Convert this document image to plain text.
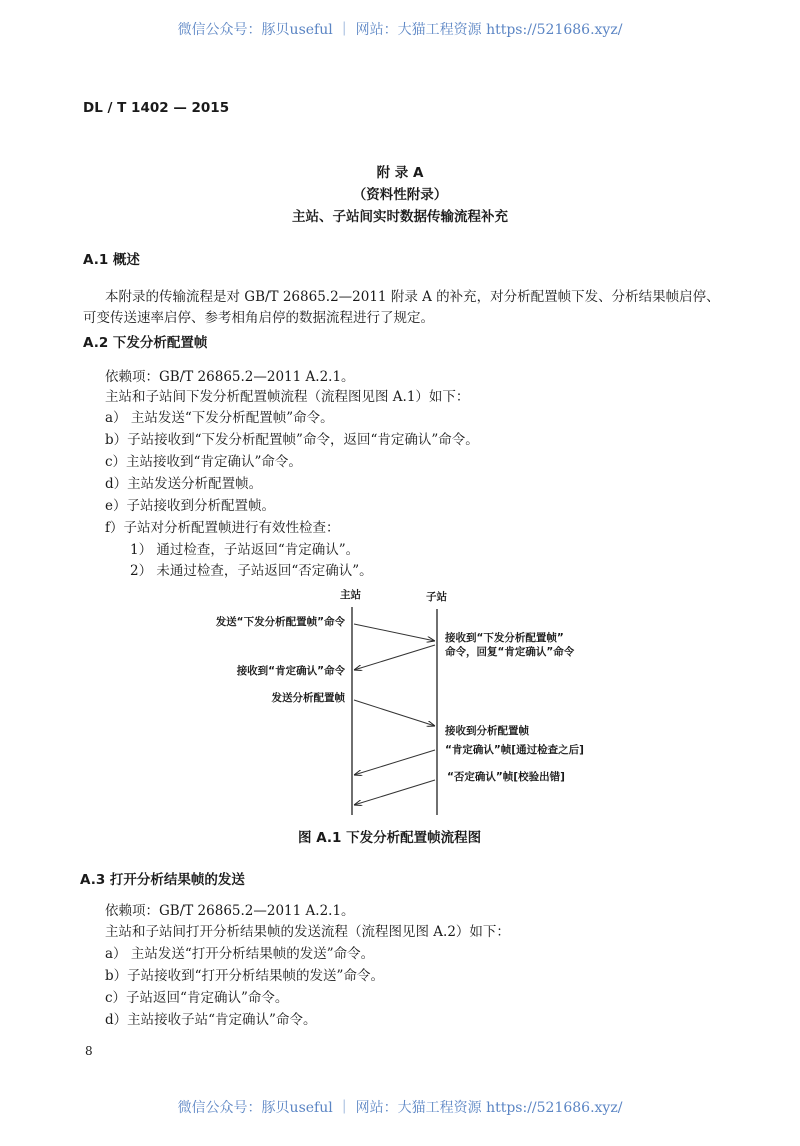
微信公众号：豚贝useful ｜ 网站：大猫工程资源 https://521686.xyz/
DL / T 1402 — 2015
附 录 A
（资料性附录）
主站、子站间实时数据传输流程补充
A.1 概述
本附录的传输流程是对 GB/T 26865.2—2011 附录 A 的补充，对分析配置帧下发、分析结果帧启停、
可变传送速率启停、参考相角启停的数据流程进行了规定。
A.2 下发分析配置帧
依赖项：GB/T 26865.2—2011 A.2.1。
主站和子站间下发分析配置帧流程（流程图见图 A.1）如下：
a） 主站发送“下发分析配置帧”命令。
b）子站接收到“下发分析配置帧”命令，返回“肯定确认”命令。
c）主站接收到“肯定确认”命令。
d）主站发送分析配置帧。
e）子站接收到分析配置帧。
f）子站对分析配置帧进行有效性检查：
1） 通过检查，子站返回“肯定确认”。
2） 未通过检查，子站返回“否定确认”。
主站	子站
发送“下发分析配置帧”命令
接收到“肯定确认”命令
发送分析配置帧
接收到“下发分析配置帧”
命令，回复“肯定确认”命令
接收到分析配置帧
“肯定确认”帧[通过检查之后]
“否定确认”帧[校验出错]
图 A.1 下发分析配置帧流程图
A.3 打开分析结果帧的发送
依赖项：GB/T 26865.2—2011 A.2.1。
主站和子站间打开分析结果帧的发送流程（流程图见图 A.2）如下：
a） 主站发送“打开分析结果帧的发送”命令。
b）子站接收到“打开分析结果帧的发送”命令。
c）子站返回“肯定确认”命令。
d）主站接收子站“肯定确认”命令。
8
微信公众号：豚贝useful ｜ 网站：大猫工程资源 https://521686.xyz/
